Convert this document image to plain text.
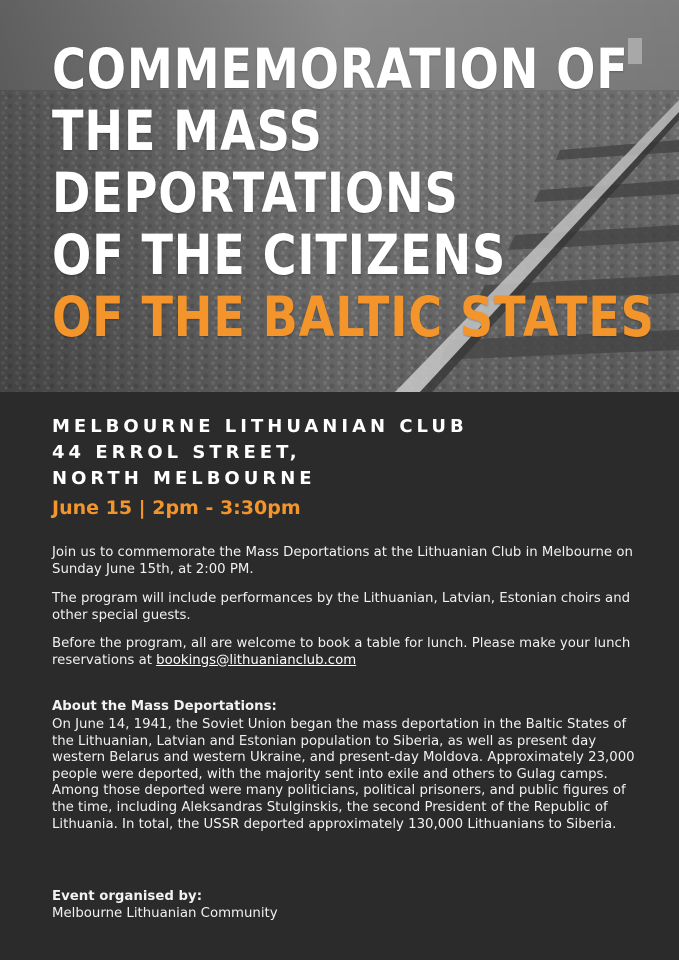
COMMEMORATION OF
THE MASS
DEPORTATIONS
OF THE CITIZENS
OF THE BALTIC STATES
MELBOURNE LITHUANIAN CLUB
44 ERROL STREET,
NORTH MELBOURNE
June 15 | 2pm - 3:30pm

Join us to commemorate the Mass Deportations at the Lithuanian Club in Melbourne on Sunday June 15th, at 2:00 PM.

The program will include performances by the Lithuanian, Latvian, Estonian choirs and other special guests.

Before the program, all are welcome to book a table for lunch. Please make your lunch reservations at bookings@lithuanianclub.com

About the Mass Deportations:

On June 14, 1941, the Soviet Union began the mass deportation in the Baltic States of the Lithuanian, Latvian and Estonian population to Siberia, as well as present day western Belarus and western Ukraine, and present-day Moldova. Approximately 23,000 people were deported, with the majority sent into exile and others to Gulag camps. Among those deported were many politicians, political prisoners, and public figures of the time, including Aleksandras Stulginskis, the second President of the Republic of Lithuania. In total, the USSR deported approximately 130,000 Lithuanians to Siberia.

Event organised by:

Melbourne Lithuanian Community
